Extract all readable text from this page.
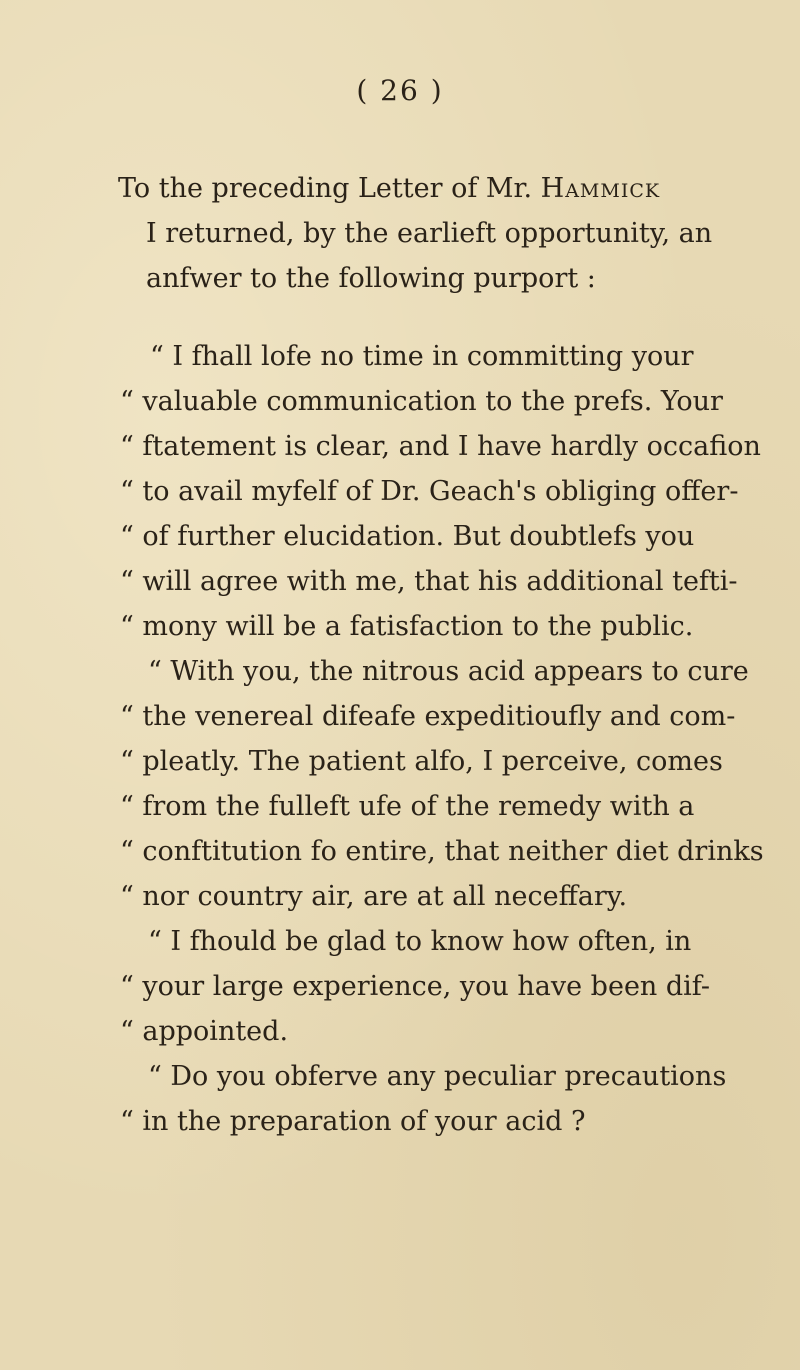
( 26 )
To the preceding Letter of Mr. Hammick
I returned, by the earlieft opportunity, an
anfwer to the following purport :
“ I fhall lofe no time in committing your
“ valuable communication to the prefs. Your
“ ftatement is clear, and I have hardly occafion
“ to avail myfelf of Dr. Geach's obliging offer-
“ of further elucidation. But doubtlefs you
“ will agree with me, that his additional tefti-
“ mony will be a fatisfaction to the public.
“ With you, the nitrous acid appears to cure
“ the venereal difeafe expeditioufly and com-
“ pleatly. The patient alfo, I perceive, comes
“ from the fulleft ufe of the remedy with a
“ conftitution fo entire, that neither diet drinks
“ nor country air, are at all neceffary.
“ I fhould be glad to know how often, in
“ your large experience, you have been dif-
“ appointed.
“ Do you obferve any peculiar precautions
“ in the preparation of your acid ?
